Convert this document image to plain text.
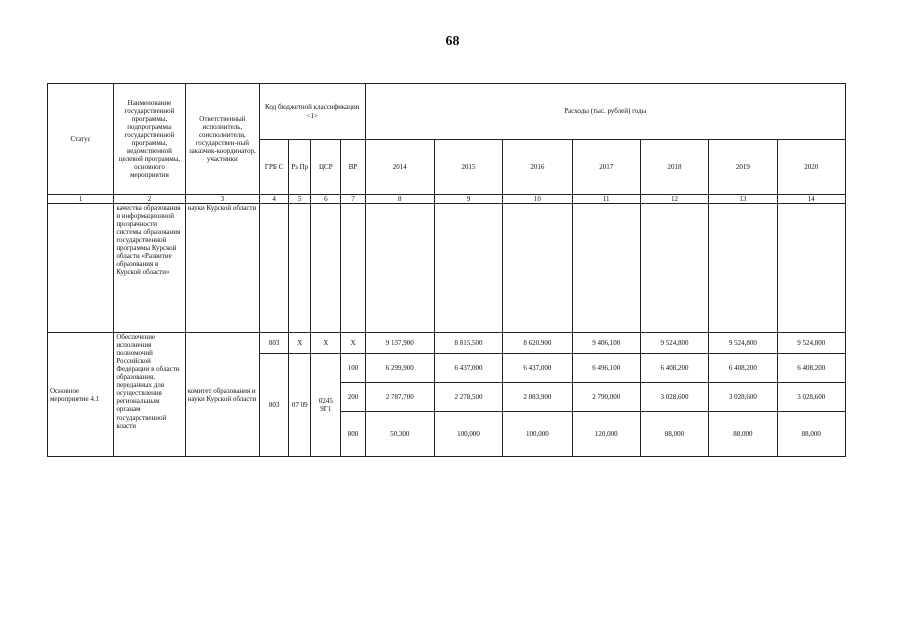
68
Статус	Наименование государственной программы, подпрограммы государственной программы, ведомственной целевой программы, основного мероприятия	Ответственный исполнитель, соисполнители, государствен-ный заказчик-координатор, участники	Код бюджетной классификации <1>				Расходы (тыс. рублей) годы						
			ГРБ С	Рз Пр	ЦСР	ВР	2014	2015	2016	2017	2018	2019	2020
1	2	3	4	5	6	7	8	9	10	11	12	13	14
	качества образования и информационной прозрачности системы образования государственной программы Курской области «Развитие образования в Курской области»	науки Курской области											
Основное мероприятие 4.1	Обеспечение исполнения полномочий Российской Федерации в области образования, переданных для осуществления региональным органам государственной власти	комитет образования и науки Курской области	803	X	X	X	9 137,900	8 815,500	8 620,900	9 406,100	9 524,800	9 524,800	9 524,800
			803	07 09	0245 9Г1	100	6 299,900	6 437,000	6 437,000	6 496,100	6 408,200	6 408,200	6 408,200
						200	2 787,700	2 278,500	2 083,900	2 790,000	3 028,600	3 028,600	3 028,600
						800	50,300	100,000	100,000	120,000	88,000	88,000	88,000
